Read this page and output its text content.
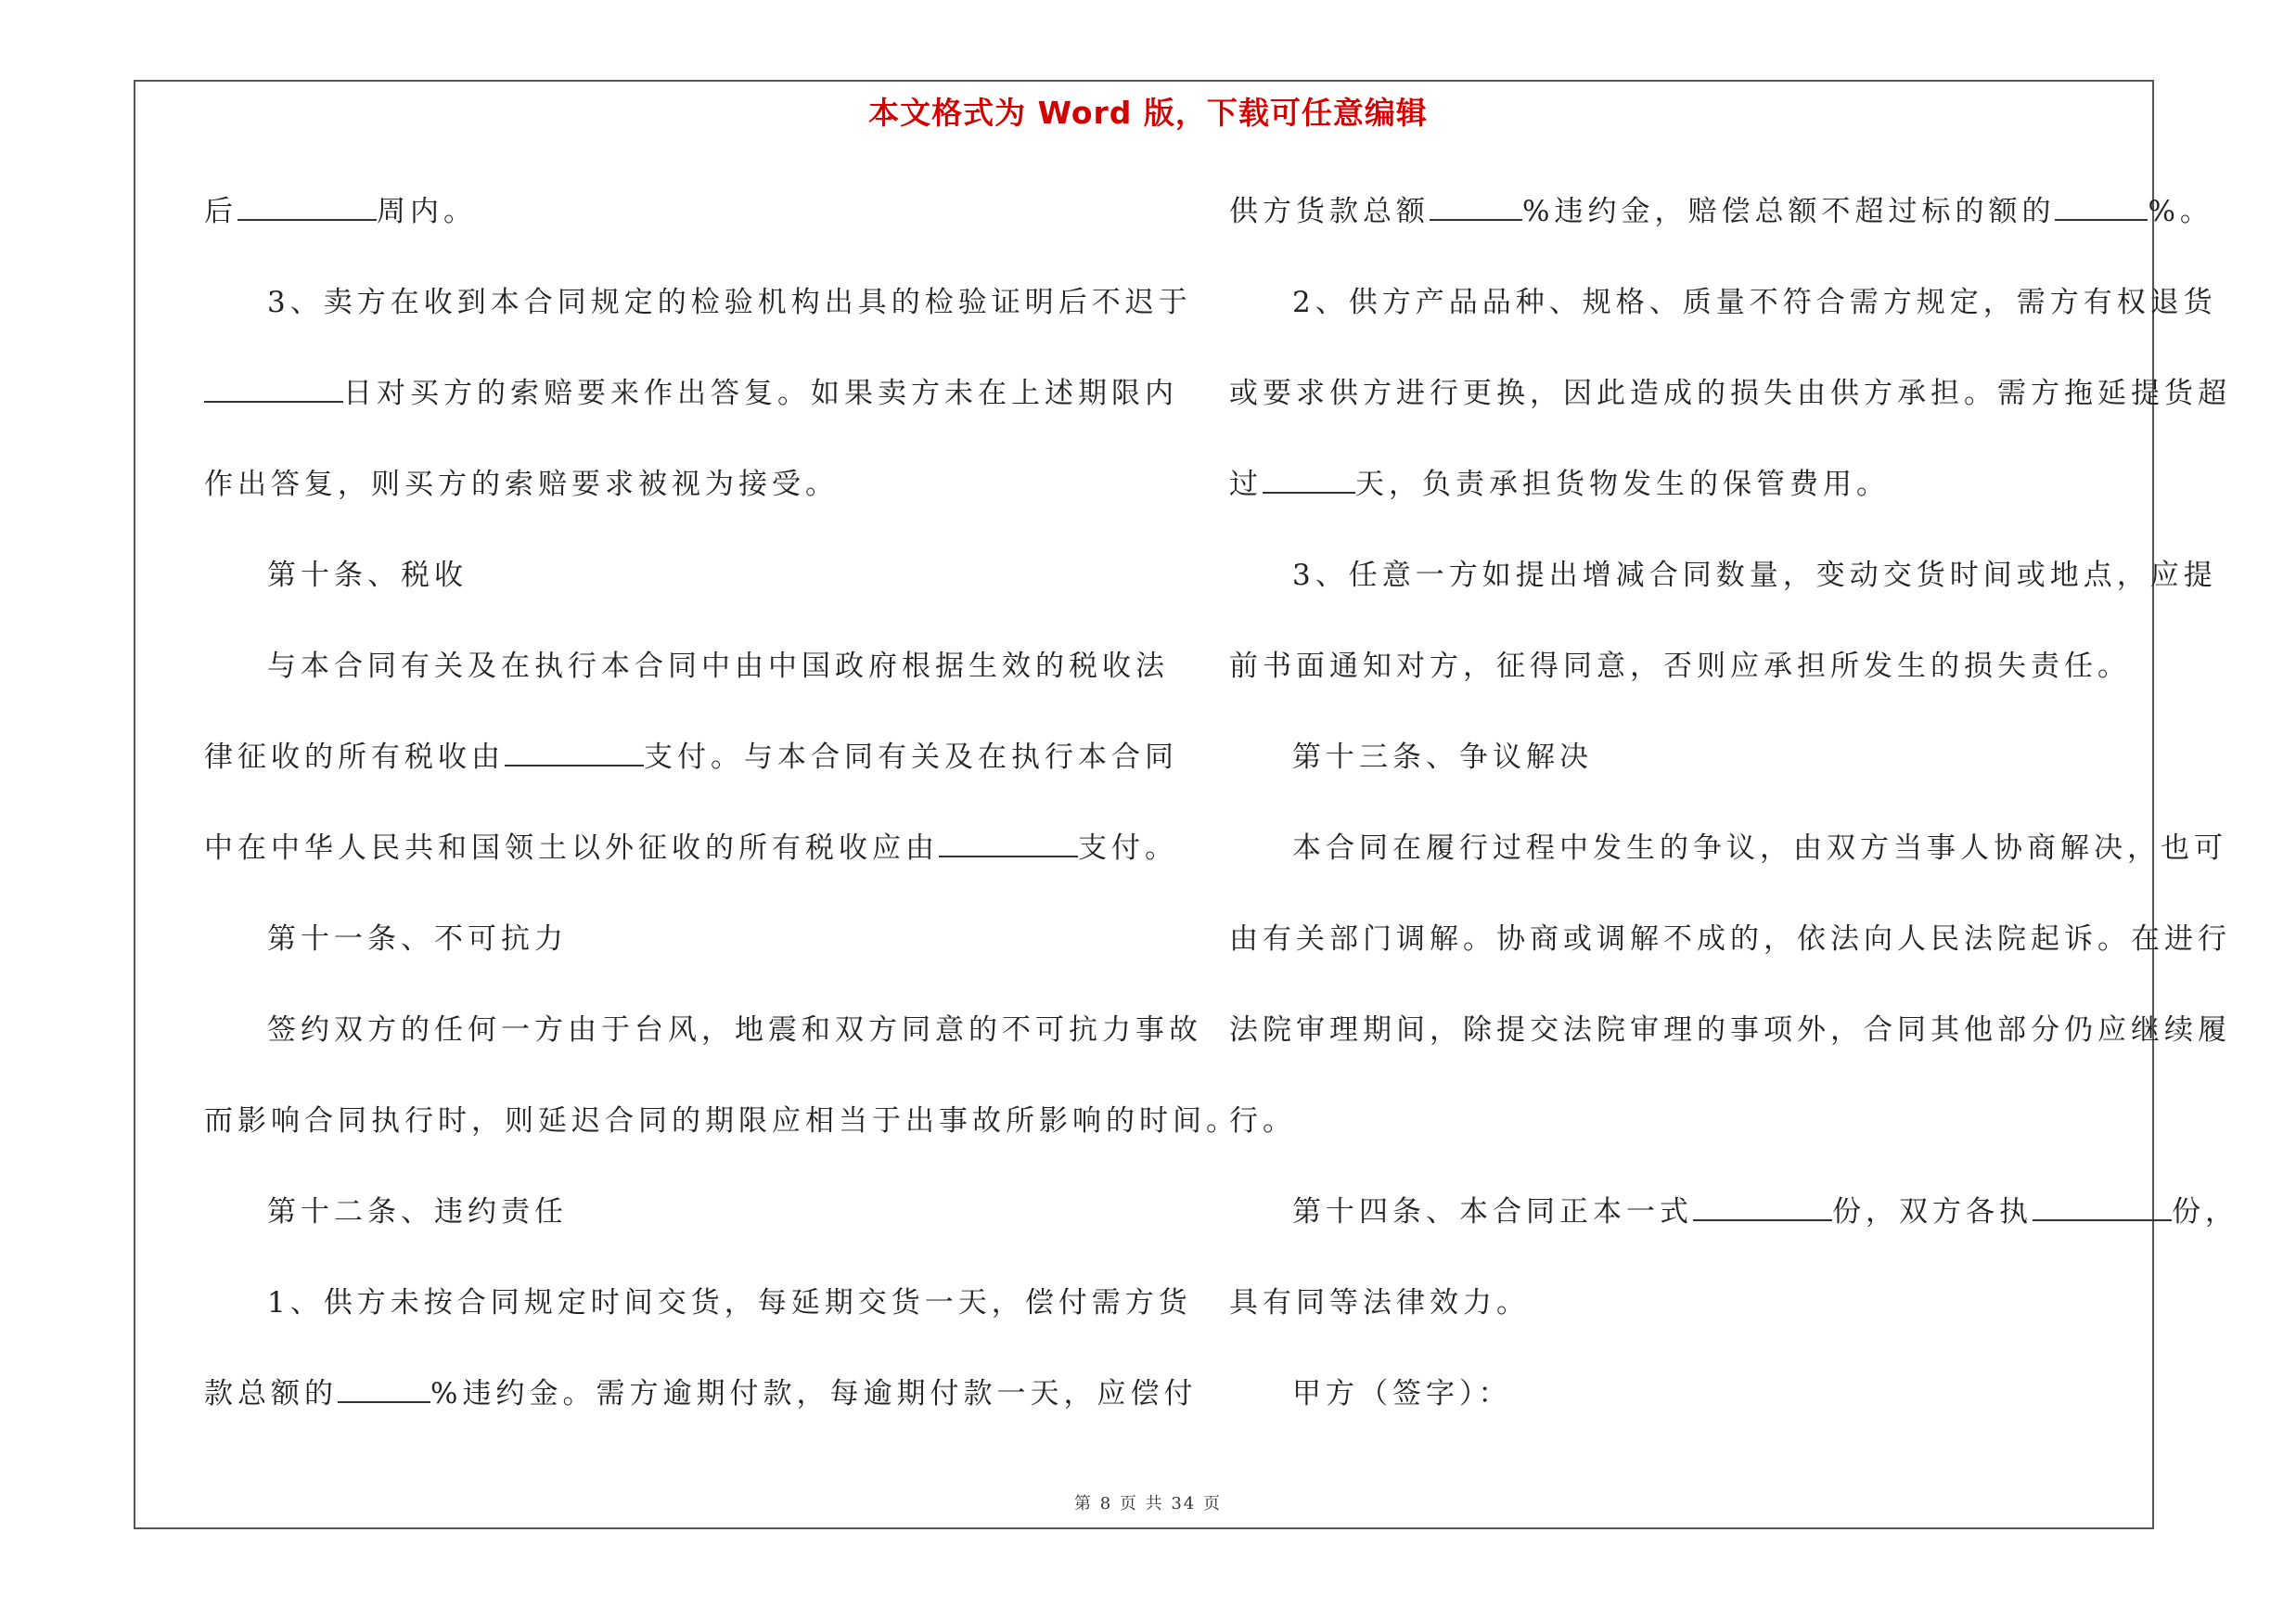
本文格式为 Word 版，下载可任意编辑
后	周内。
3、卖方在收到本合同规定的检验机构出具的检验证明后不迟于
日对买方的索赔要来作出答复。如果卖方未在上述期限内
作出答复，则买方的索赔要求被视为接受。
第十条、税收
与本合同有关及在执行本合同中由中国政府根据生效的税收法
律征收的所有税收由	支付。与本合同有关及在执行本合同
中在中华人民共和国领土以外征收的所有税收应由	支付。
第十一条、不可抗力
签约双方的任何一方由于台风，地震和双方同意的不可抗力事故
而影响合同执行时，则延迟合同的期限应相当于出事故所影响的时间。
第十二条、违约责任
1、供方未按合同规定时间交货，每延期交货一天，偿付需方货
款总额的	%违约金。需方逾期付款，每逾期付款一天，应偿付
供方货款总额	%违约金，赔偿总额不超过标的额的	%。
2、供方产品品种、规格、质量不符合需方规定，需方有权退货
或要求供方进行更换，因此造成的损失由供方承担。需方拖延提货超
过	天，负责承担货物发生的保管费用。
3、任意一方如提出增减合同数量，变动交货时间或地点，应提
前书面通知对方，征得同意，否则应承担所发生的损失责任。
第十三条、争议解决
本合同在履行过程中发生的争议，由双方当事人协商解决，也可
由有关部门调解。协商或调解不成的，依法向人民法院起诉。在进行
法院审理期间，除提交法院审理的事项外，合同其他部分仍应继续履
行。
第十四条、本合同正本一式	份，双方各执	份，
具有同等法律效力。
甲方（签字）：
第 8 页 共 34 页
